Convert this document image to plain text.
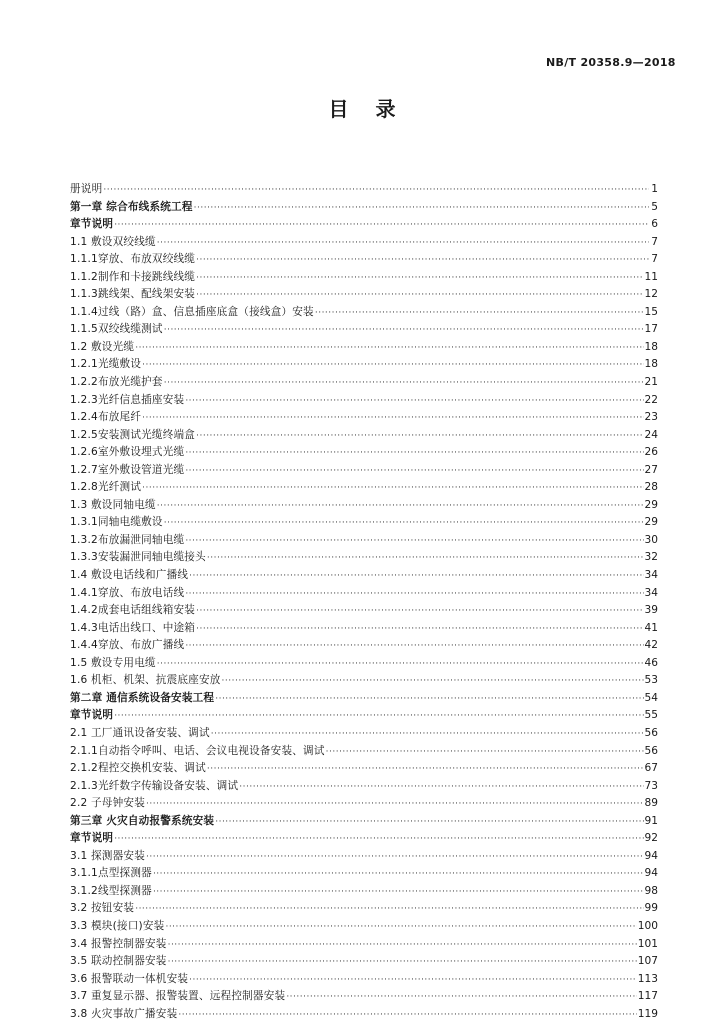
NB/T 20358.9—2018
目 录
册说明 ·····	1
第一章 综合布线系统工程 ·····	5
章节说明 ·····	6
1.1 敷设双绞线缆 ·····	7
1.1.1穿放、布放双绞线缆 ·····	7
1.1.2制作和卡接跳线线缆 ·····	11
1.1.3跳线架、配线架安装 ·····	12
1.1.4过线（路）盒、信息插座底盒（接线盒）安装 ·····	15
1.1.5双绞线缆测试 ·····	17
1.2 敷设光缆 ·····	18
1.2.1光缆敷设 ·····	18
1.2.2布放光缆护套 ·····	21
1.2.3光纤信息插座安装 ·····	22
1.2.4布放尾纤 ·····	23
1.2.5安装测试光缆终端盒 ·····	24
1.2.6室外敷设埋式光缆 ·····	26
1.2.7室外敷设管道光缆 ·····	27
1.2.8光纤测试 ·····	28
1.3 敷设同轴电缆 ·····	29
1.3.1同轴电缆敷设 ·····	29
1.3.2布放漏泄同轴电缆 ·····	30
1.3.3安装漏泄同轴电缆接头 ·····	32
1.4 敷设电话线和广播线 ·····	34
1.4.1穿放、布放电话线 ·····	34
1.4.2成套电话组线箱安装 ·····	39
1.4.3电话出线口、中途箱 ·····	41
1.4.4穿放、布放广播线 ·····	42
1.5 敷设专用电缆 ·····	46
1.6 机柜、机架、抗震底座安放 ·····	53
第二章 通信系统设备安装工程 ·····	54
章节说明 ·····	55
2.1 工厂通讯设备安装、调试 ·····	56
2.1.1自动指令呼叫、电话、会议电视设备安装、调试 ·····	56
2.1.2程控交换机安装、调试 ·····	67
2.1.3光纤数字传输设备安装、调试 ·····	73
2.2 子母钟安装 ·····	89
第三章 火灾自动报警系统安装 ·····	91
章节说明 ·····	92
3.1 探测器安装 ·····	94
3.1.1点型探测器 ·····	94
3.1.2线型探测器 ·····	98
3.2 按钮安装 ·····	99
3.3 模块(接口)安装 ·····	100
3.4 报警控制器安装 ·····	101
3.5 联动控制器安装 ·····	107
3.6 报警联动一体机安装 ·····	113
3.7 重复显示器、报警装置、远程控制器安装 ·····	117
3.8 火灾事故广播安装 ·····	119
